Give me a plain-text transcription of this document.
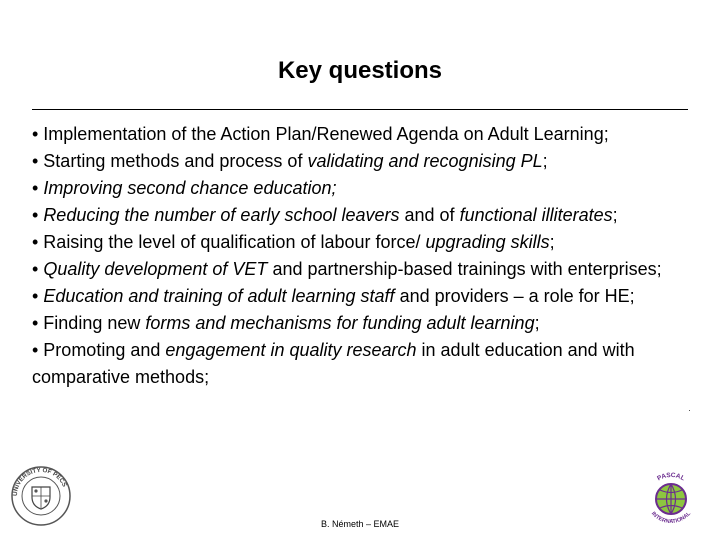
Key questions

• Implementation of the Action Plan/Renewed Agenda on Adult Learning;

• Starting methods and process of validating and recognising PL;

• Improving second chance education;

• Reducing the number of early school leavers and of functional illiterates;

• Raising the level of qualification of labour force/ upgrading skills;

• Quality development of VET and partnership-based trainings with enterprises;

• Education and training of adult learning staff and providers – a role for HE;

• Finding new forms and mechanisms for funding adult learning;

• Promoting and engagement in quality research in adult education and with comparative methods;

UNIVERSITY OF PÉCS
PASCAL
INTERNATIONAL
B. Németh – EMAE
